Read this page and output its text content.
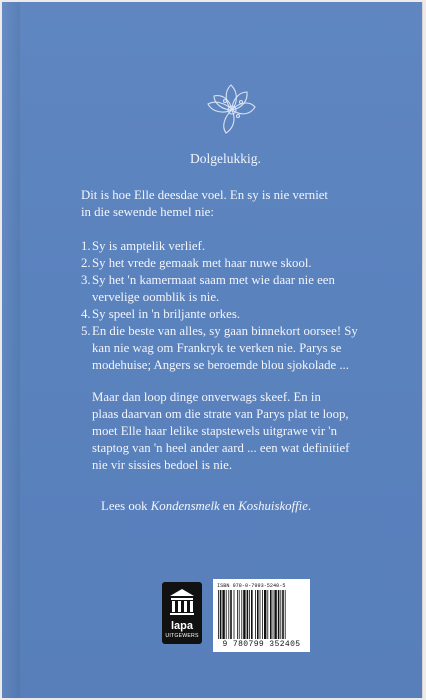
Dolgelukkig.
Dit is hoe Elle deesdae voel. En sy is nie verniet
in die sewende hemel nie:
1. Sy is amptelik verlief.
2. Sy het vrede gemaak met haar nuwe skool.
3. Sy het 'n kamermaat saam met wie daar nie een
vervelige oomblik is nie.
4. Sy speel in 'n briljante orkes.
5. En die beste van alles, sy gaan binnekort oorsee! Sy
kan nie wag om Frankryk te verken nie. Parys se
modehuise; Angers se beroemde blou sjokolade ...
Maar dan loop dinge onverwags skeef. En in
plaas daarvan om die strate van Parys plat te loop,
moet Elle haar lelike stapstewels uitgrawe vir 'n
staptog van 'n heel ander aard ... een wat definitief
nie vir sissies bedoel is nie.
Lees ook Kondensmelk en Koshuiskoffie.
lapa
UITGEWERS
ISBN 978-0-7993-5240-5
9 780799 352405
